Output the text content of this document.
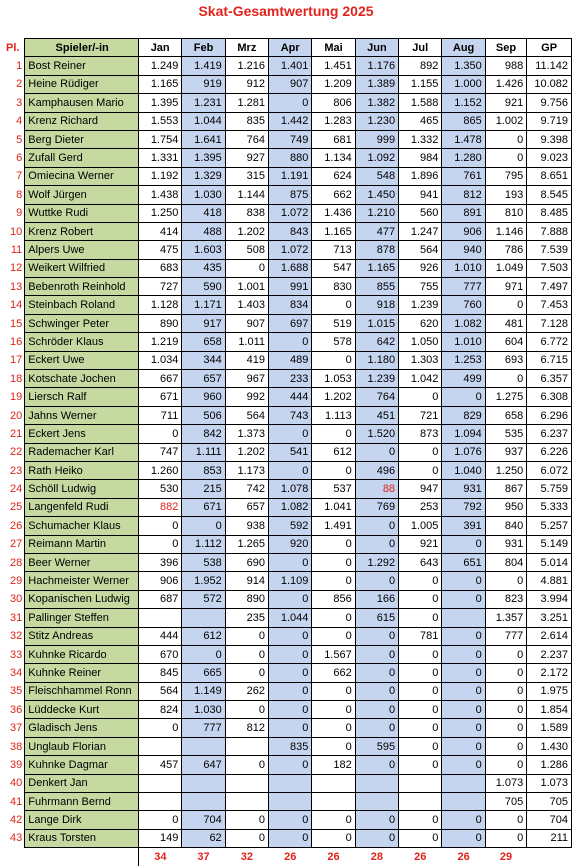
Skat-Gesamtwertung 2025
Pl.	Spieler/-in	Jan	Feb	Mrz	Apr	Mai	Jun	Jul	Aug	Sep	GP
1	Bost Reiner	1.249	1.419	1.216	1.401	1.451	1.176	892	1.350	988	11.142
2	Heine Rüdiger	1.165	919	912	907	1.209	1.389	1.155	1.000	1.426	10.082
3	Kamphausen Mario	1.395	1.231	1.281	0	806	1.382	1.588	1.152	921	9.756
4	Krenz Richard	1.553	1.044	835	1.442	1.283	1.230	465	865	1.002	9.719
5	Berg Dieter	1.754	1.641	764	749	681	999	1.332	1.478	0	9.398
6	Zufall Gerd	1.331	1.395	927	880	1.134	1.092	984	1.280	0	9.023
7	Omiecina Werner	1.192	1.329	315	1.191	624	548	1.896	761	795	8.651
8	Wolf Jürgen	1.438	1.030	1.144	875	662	1.450	941	812	193	8.545
9	Wuttke Rudi	1.250	418	838	1.072	1.436	1.210	560	891	810	8.485
10	Krenz Robert	414	488	1.202	843	1.165	477	1.247	906	1.146	7.888
11	Alpers Uwe	475	1.603	508	1.072	713	878	564	940	786	7.539
12	Weikert Wilfried	683	435	0	1.688	547	1.165	926	1.010	1.049	7.503
13	Bebenroth Reinhold	727	590	1.001	991	830	855	755	777	971	7.497
14	Steinbach Roland	1.128	1.171	1.403	834	0	918	1.239	760	0	7.453
15	Schwinger Peter	890	917	907	697	519	1.015	620	1.082	481	7.128
16	Schröder Klaus	1.219	658	1.011	0	578	642	1.050	1.010	604	6.772
17	Eckert Uwe	1.034	344	419	489	0	1.180	1.303	1.253	693	6.715
18	Kotschate Jochen	667	657	967	233	1.053	1.239	1.042	499	0	6.357
19	Liersch Ralf	671	960	992	444	1.202	764	0	0	1.275	6.308
20	Jahns Werner	711	506	564	743	1.113	451	721	829	658	6.296
21	Eckert Jens	0	842	1.373	0	0	1.520	873	1.094	535	6.237
22	Rademacher Karl	747	1.111	1.202	541	612	0	0	1.076	937	6.226
23	Rath Heiko	1.260	853	1.173	0	0	496	0	1.040	1.250	6.072
24	Schöll Ludwig	530	215	742	1.078	537	88	947	931	867	5.759
25	Langenfeld Rudi	882	671	657	1.082	1.041	769	253	792	950	5.333
26	Schumacher Klaus	0	0	938	592	1.491	0	1.005	391	840	5.257
27	Reimann Martin	0	1.112	1.265	920	0	0	921	0	931	5.149
28	Beer Werner	396	538	690	0	0	1.292	643	651	804	5.014
29	Hachmeister Werner	906	1.952	914	1.109	0	0	0	0	0	4.881
30	Kopanischen Ludwig	687	572	890	0	856	166	0	0	823	3.994
31	Pallinger Steffen			235	1.044	0	615	0		1.357	3.251
32	Stitz Andreas	444	612	0	0	0	0	781	0	777	2.614
33	Kuhnke Ricardo	670	0	0	0	1.567	0	0	0	0	2.237
34	Kuhnke Reiner	845	665	0	0	662	0	0	0	0	2.172
35	Fleischhammel Ronn	564	1.149	262	0	0	0	0	0	0	1.975
36	Lüddecke Kurt	824	1.030	0	0	0	0	0	0	0	1.854
37	Gladisch Jens	0	777	812	0	0	0	0	0	0	1.589
38	Unglaub Florian				835	0	595	0	0	0	1.430
39	Kuhnke Dagmar	457	647	0	0	182	0	0	0	0	1.286
40	Denkert Jan									1.073	1.073
41	Fuhrmann Bernd									705	705
42	Lange Dirk	0	704	0	0	0	0	0	0	0	704
43	Kraus Torsten	149	62	0	0	0	0	0	0	0	211
		34	37	32	26	26	28	26	26	29	
